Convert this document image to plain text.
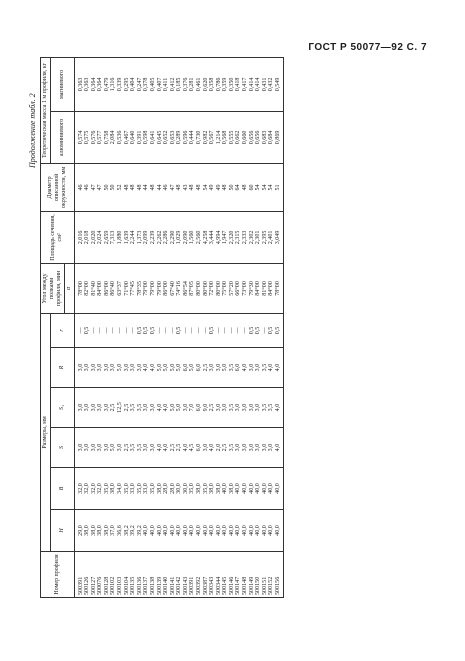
ГОСТ Р 50077—92 С. 7
Продолжение табл. 2
Номер профиля	Размеры, мм						Угол между полками профиля, мин	Площадь сечения, см²	Диаметр описанной окружности, мм	Теоретическая масса 1 м профиля, кг	
	H	B	S	S₁	R	r				алюминиевого	магниевого
							α				
500391	29,0	32,0	3,0	3,0	3,0	—	78°00	2,016	46	0,574	0,363
500126	38,0	32,0	3,0	3,0	3,0	0,5	82°00	2,018	46	0,575	0,363
500127	38,0	32,0	3,0	3,0	3,0	—	81°40	2,020	47	0,576	0,364
500076	38,0	32,0	3,0	3,0	3,0	—	84°00	2,024	47	0,577	0,364
500128	38,0	35,0	3,0	3,0	3,0	—	86°00	2,659	50	0,758	0,479
500102	37,0	38,0	5,0	2,5	3,0	—	86°40	7,313	50	2,084	1,316
500103	36,6	34,0	3,0	12,5	5,0	—	63°37	1,880	52	0,536	0,339
500104	38,2	35,0	2,5	2,5	3,0	—	71°00	1,639	48	0,467	0,295
500135	39,2	33,0	3,5	3,5	3,0	—	77°45	2,244	48	0,640	0,404
500136	39,2	35,0	3,5	3,5	3,0	0,5	78°35	1,373	48	0,391	0,247
500137	40,0	33,0	3,0	3,0	4,0	0,5	79°00	2,099	44	0,598	0,378
500138	40,0	35,0	3,0	3,0	4,0	0,5	79°00	2,239	48	0,641	0,405
500139	40,0	38,0	4,0	4,0	5,0	—	79°00	2,262	44	0,645	0,407
500140	40,0	28,0	4,0	4,0	5,0	—	86°00	2,286	46	0,652	0,411
500141	40,0	28,0	2,5	5,0	5,0	—	67°40	2,290	47	0,653	0,412
500142	40,0	30,0	2,5	5,0	5,0	0,5	74°16	1,029	48	0,289	0,185
500143	40,0	30,0	4,0	3,0	6,0	—	86°54	2,090	43	0,596	0,376
500391	40,0	35,0	4,5	7,0	5,0	—	87°05	1,560	48	0,444	0,281
500392	40,0	38,0	6,0	6,0	6,0	—	80°00	2,560	48	0,730	0,461
500387	40,0	35,0	3,0	9,0	2,5	—	80°00	4,258	54	0,982	0,620
500343	40,0	38,0	4,0	2,5	3,0	0,5	72°00	3,444	49	0,567	0,358
500344	40,0	38,0	2,0	3,0	3,0	—	80°00	4,994	49	1,214	0,786
500145	40,0	40,0	2,5	3,0	5,0	—	75°00	1,947	48	0,568	0,359
500146	40,0	38,0	3,5	3,5	3,5	—	57°20	2,320	50	0,555	0,350
500147	40,0	40,0	3,0	3,0	6,0	—	66°00	2,315	64	0,662	0,418
500148	40,0	40,0	3,0	3,0	4,0	—	73°00	2,333	48	0,660	0,417
500149	40,0	40,0	3,0	3,0	3,0	0,5	79°30	2,302	60	0,656	0,414
500150	40,0	40,0	3,0	3,0	3,0	0,5	84°00	2,301	54	0,656	0,414
500151	40,0	40,0	3,0	3,5	3,5	—	81°00	2,395	54	0,683	0,431
500152	40,0	40,0	3,0	3,5	4,0	0,5	84°00	2,401	54	0,684	0,432
500156	40,0	40,0	4,0	4,0	4,0	0,5	78°00	3,049	51	0,869	0,549
